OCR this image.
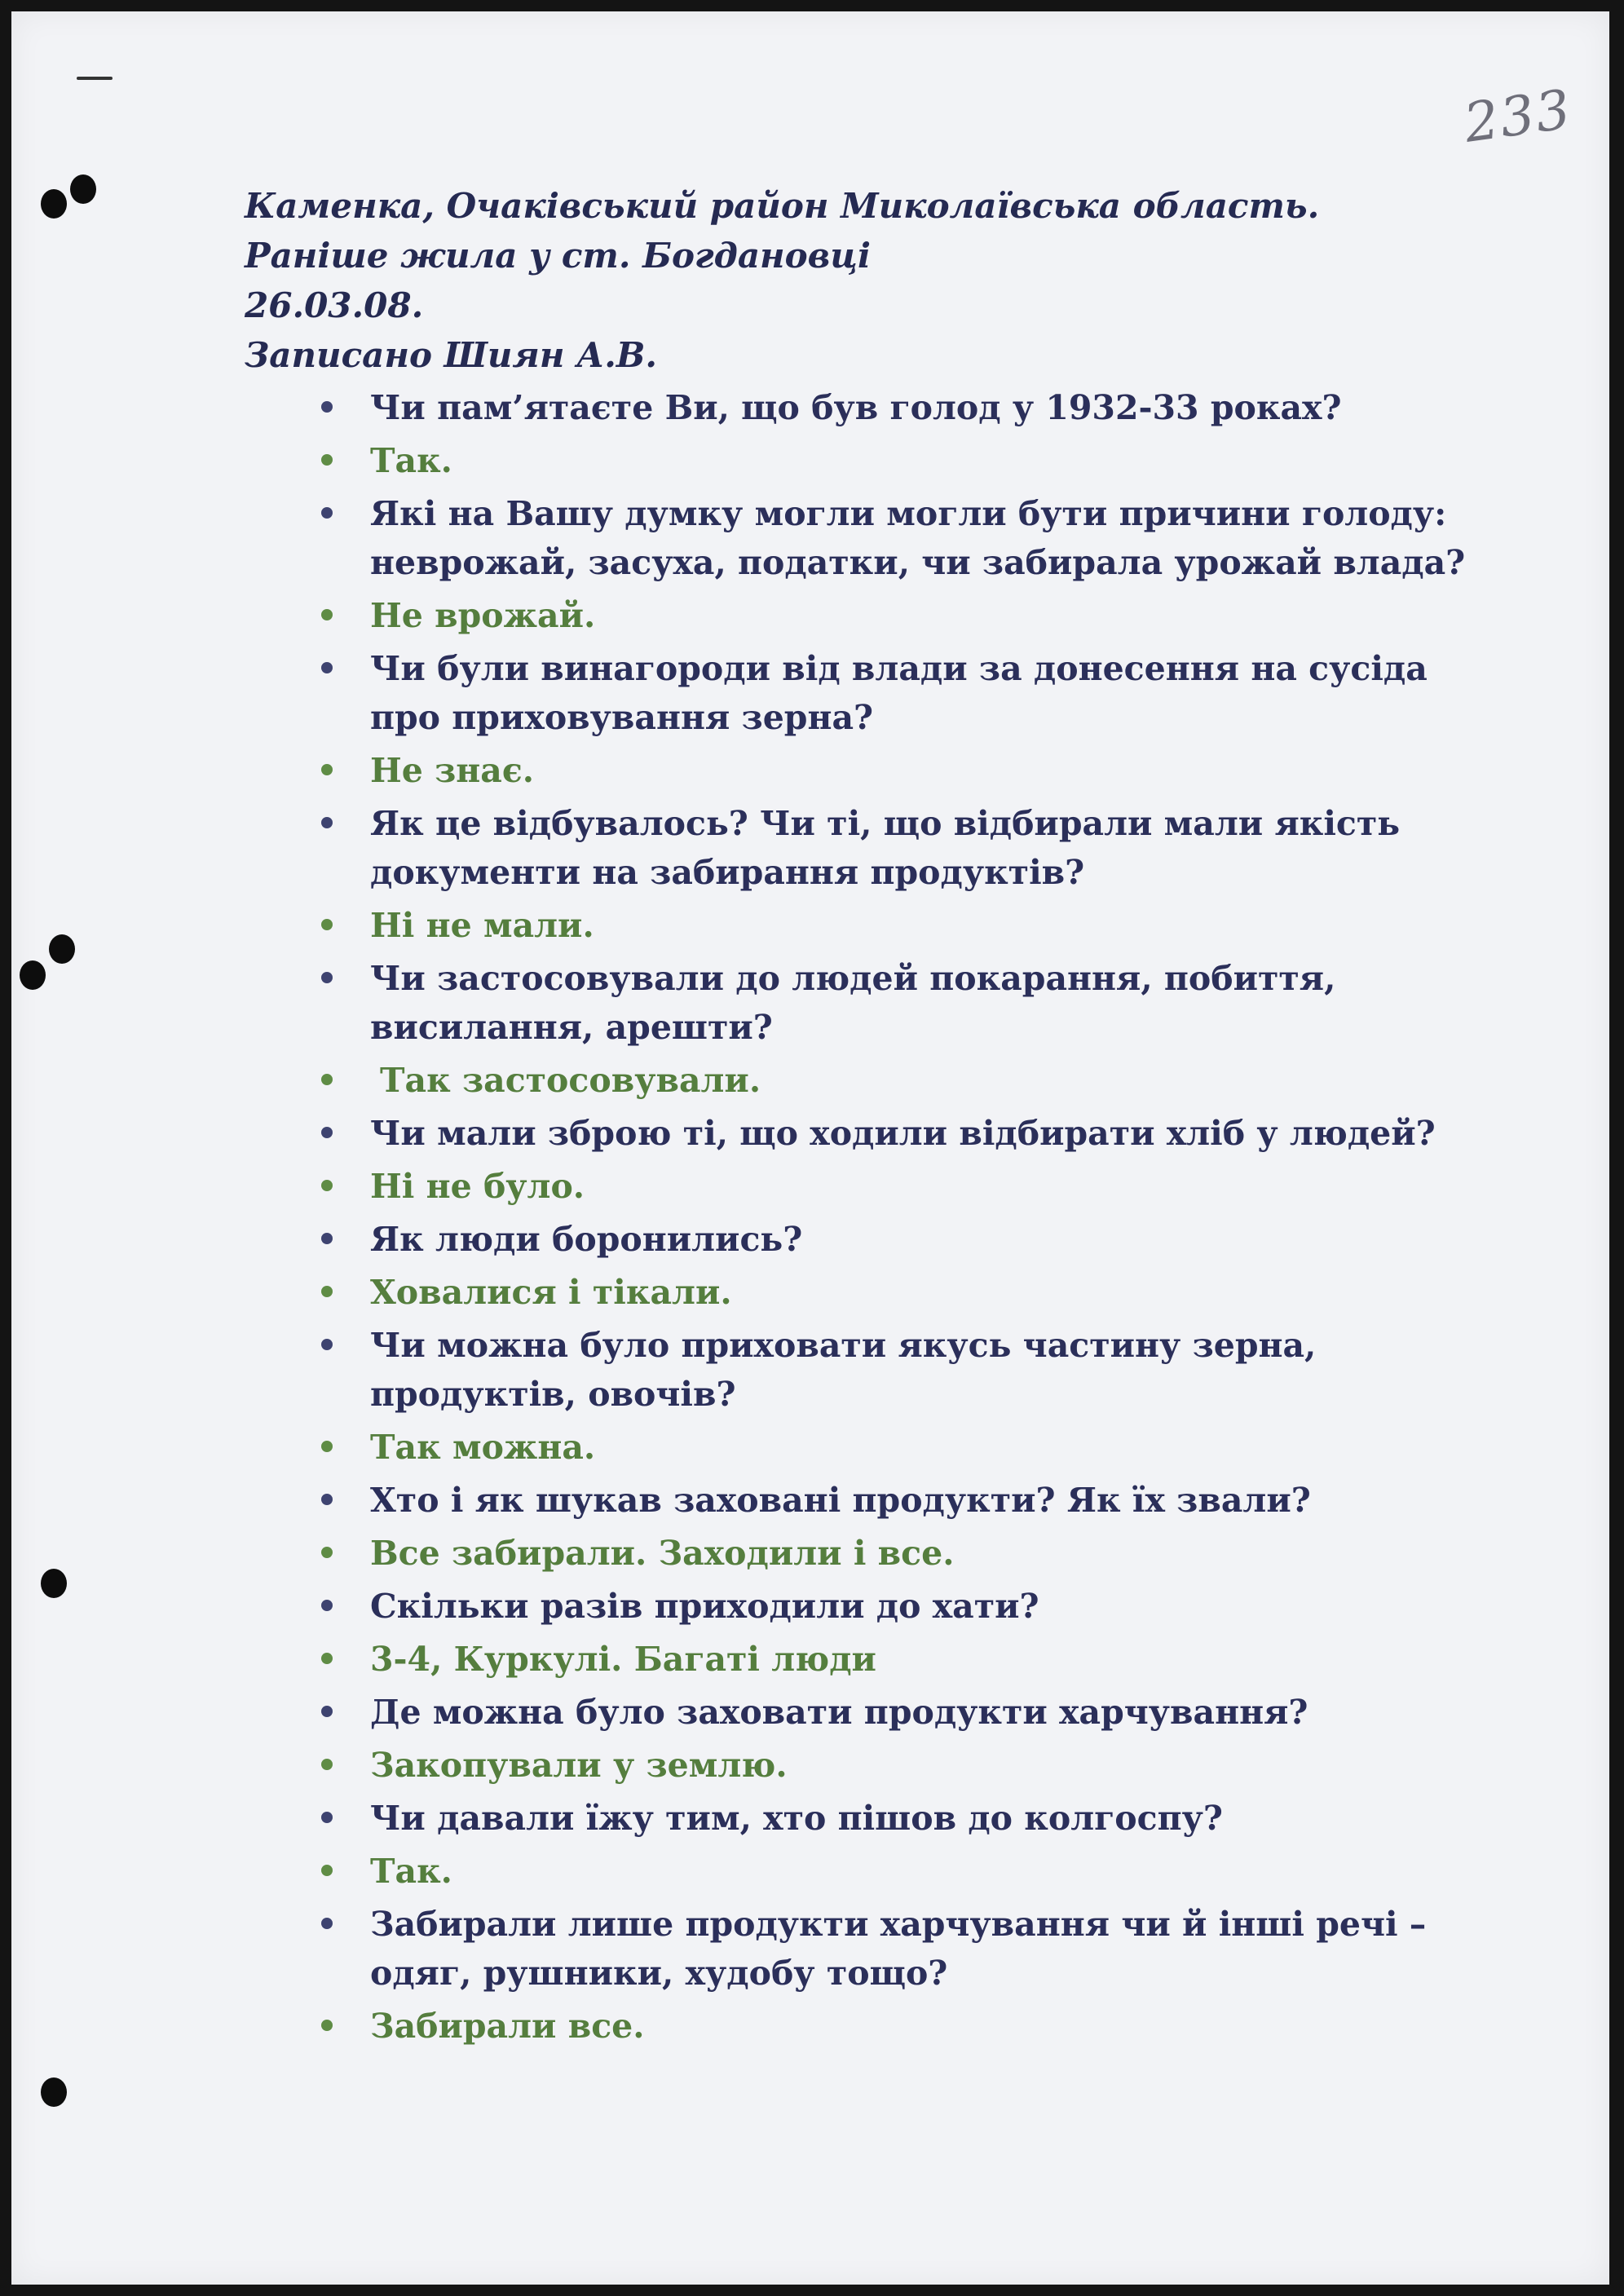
233
Каменка, Очаківський район Миколаївська область.
Раніше жила у ст. Богдановці
26.03.08.
Записано Шиян А.В.
Чи пам’ятаєте Ви, що був голод у 1932-33 роках?
Так.
Які на Вашу думку могли могли бути причини голоду: неврожай, засуха, податки, чи забирала урожай влада?
Не врожай.
Чи були винагороди від влади за донесення на сусіда про приховування зерна?
Не знає.
Як це відбувалось? Чи ті, що відбирали мали якість документи на забирання продуктів?
Ні не мали.
Чи застосовували до людей покарання, побиття, висилання, арешти?
Так застосовували.
Чи мали зброю ті, що ходили відбирати хліб у людей?
Ні не було.
Як люди боронились?
Ховалися і тікали.
Чи можна було приховати якусь частину зерна, продуктів, овочів?
Так можна.
Хто і як шукав заховані продукти? Як їх звали?
Все забирали. Заходили і все.
Скільки разів приходили до хати?
3-4, Куркулі. Багаті люди
Де можна було заховати продукти харчування?
Закопували у землю.
Чи давали їжу тим, хто пішов до колгоспу?
Так.
Забирали лише продукти харчування чи й інші речі – одяг, рушники, худобу тощо?
Забирали все.
